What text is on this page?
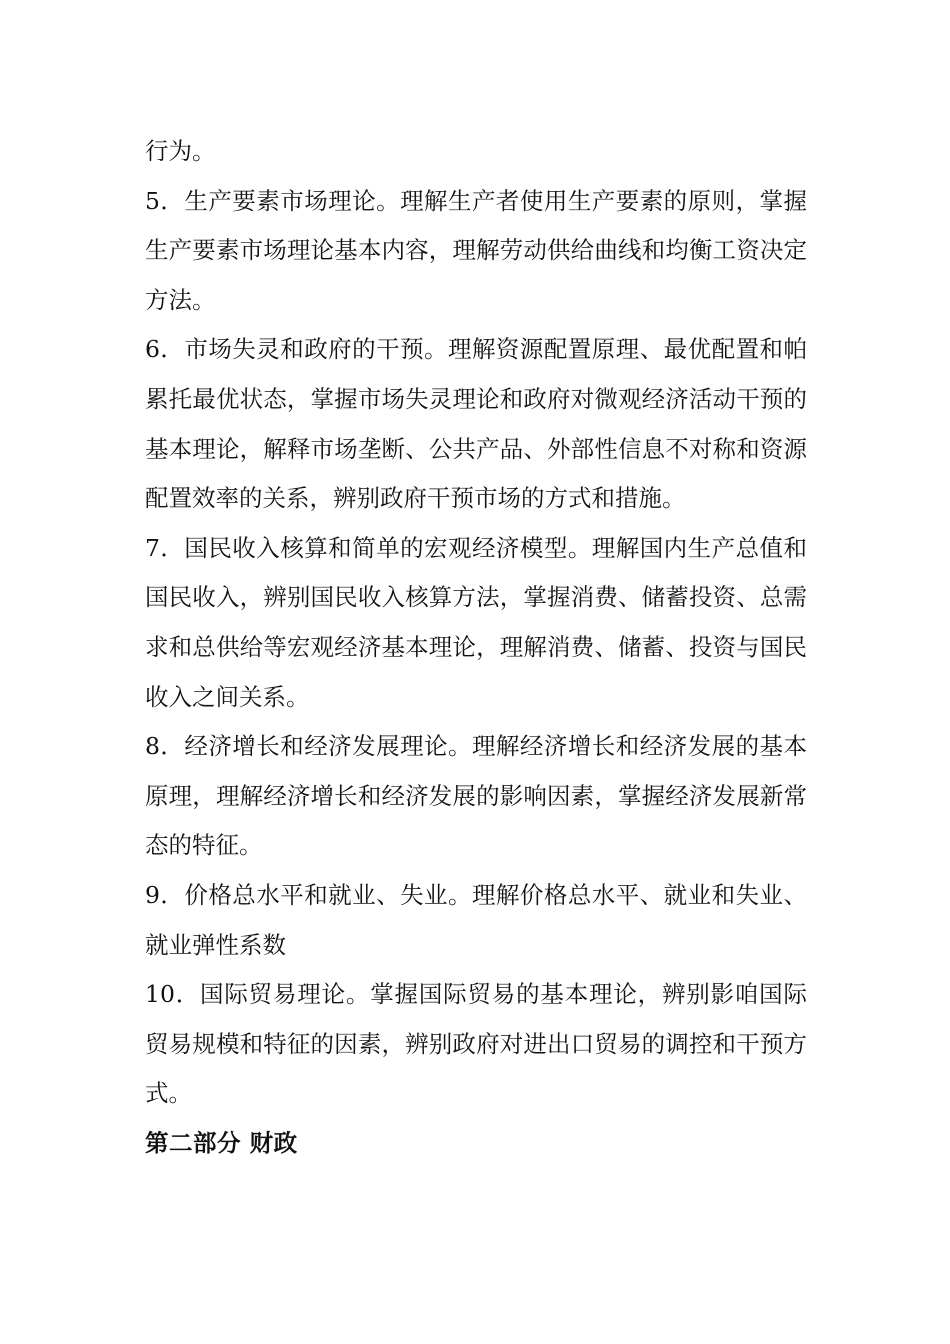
行为。

5．生产要素市场理论。理解生产者使用生产要素的原则，掌握生产要素市场理论基本内容，理解劳动供给曲线和均衡工资决定方法。

6．市场失灵和政府的干预。理解资源配置原理、最优配置和帕累托最优状态，掌握市场失灵理论和政府对微观经济活动干预的基本理论，解释市场垄断、公共产品、外部性信息不对称和资源配置效率的关系，辨别政府干预市场的方式和措施。

7．国民收入核算和简单的宏观经济模型。理解国内生产总值和国民收入，辨别国民收入核算方法，掌握消费、储蓄投资、总需求和总供给等宏观经济基本理论，理解消费、储蓄、投资与国民收入之间关系。

8．经济增长和经济发展理论。理解经济增长和经济发展的基本原理，理解经济增长和经济发展的影响因素，掌握经济发展新常态的特征。

9．价格总水平和就业、失业。理解价格总水平、就业和失业、就业弹性系数

10．国际贸易理论。掌握国际贸易的基本理论，辨别影咱国际贸易规模和特征的因素，辨别政府对进出口贸易的调控和干预方式。

第二部分 财政
